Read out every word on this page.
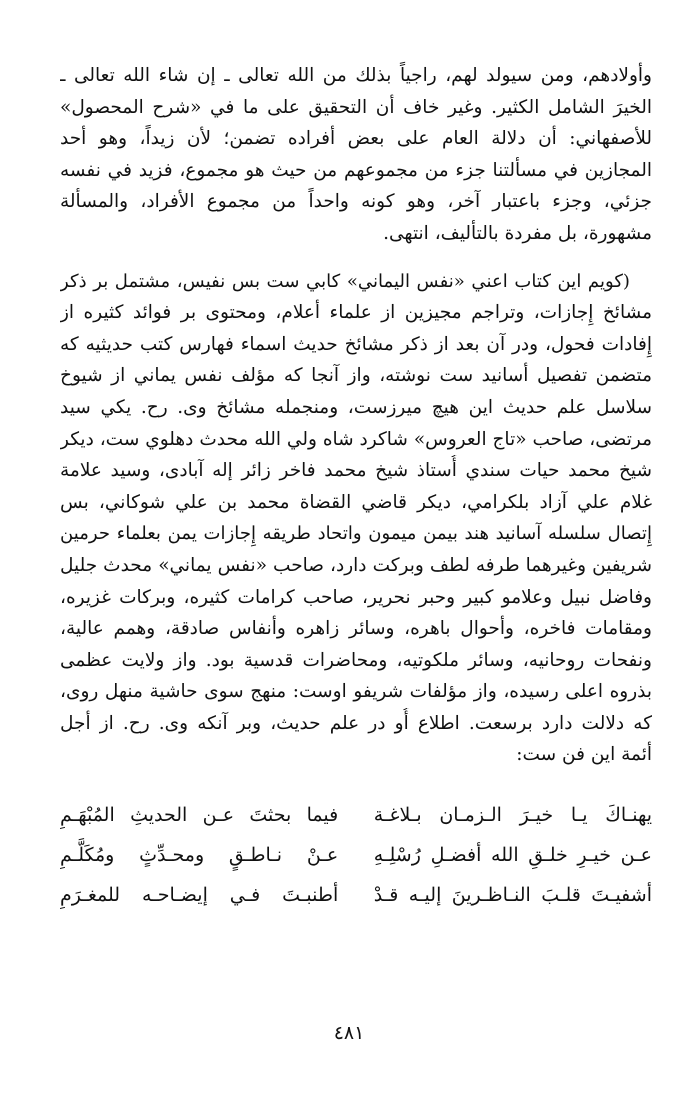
وأولادهم، ومن سيولد لهم، راجياً بذلك من الله تعالى ـ إن شاء الله تعالى ـ
الخيرَ الشامل الكثير. وغير خاف أن التحقيق على ما في «شرح المحصول»
للأصفهاني: أن دلالة العام على بعض أفراده تضمن؛ لأن زيداً، وهو أحد
المجازين في مسألتنا جزء من مجموعهم من حيث هو مجموع، فزيد في نفسه
جزئي، وجزء باعتبار آخر، وهو كونه واحداً من مجموع الأفراد، والمسألة
مشهورة، بل مفردة بالتأليف، انتهى.
(كويم اين كتاب اعني «نفس اليماني» كابي ست بس نفيس، مشتمل بر ذكر
مشائخ إِجازات، وتراجم مجيزين از علماء أعلام، ومحتوى بر فوائد كثيره از
إِفادات فحول، ودر آن بعد از ذكر مشائخ حديث اسماء فهارس كتب حديثيه كه
متضمن تفصيل أسانيد ست نوشته، واز آنجا كه مؤلف نفس يماني از شيوخ
سلاسل علم حديث اين هيچ ميرزست، ومنجمله مشائخ وى. رح. يكي سيد
مرتضى، صاحب «تاج العروس» شاكرد شاه ولي الله محدث دهلوي ست، ديكر
شيخ محمد حيات سندي أُستاذ شيخ محمد فاخر زائر إله آبادى، وسيد علامة
غلام علي آزاد بلكرامي، ديكر قاضي القضاة محمد بن علي شوكاني، بس
إِتصال سلسله آسانيد هند بيمن ميمون واتحاد طريقه إِجازات يمن بعلماء حرمين
شريفين وغيرهما طرفه لطف وبركت دارد، صاحب «نفس يماني» محدث جليل
وفاضل نبيل وعلامو كبير وحبر نحرير، صاحب كرامات كثيره، وبركات غزيره،
ومقامات فاخره، وأحوال باهره، وسائر زاهره وأنفاس صادقة، وهمم عالية،
ونفحات روحانيه، وسائر ملكوتيه، ومحاضرات قدسية بود. واز ولايت عظمى
بذروه اعلى رسيده، واز مؤلفات شريفو اوست: منهج سوى حاشية منهل روى،
كه دلالت دارد برسعت. اطلاع أُو در علم حديث، وبر آنكه وى. رح. از أجل
أئمة اين فن ست:
يهنـاكَ يـا خيـرَ الـزمـان بـلاغـة
فيما بحثتَ عـن الحديثِ المُبْهَـمِ
عـن خيـرِ خلـقِ الله أفضـلِ رُسْلِـهِ
عـنْ نـاطـقٍ ومحـدِّثٍ ومُكَلَّـمِ
أشفيـتَ قلـبَ النـاظـرينَ إليـه قـدْ
أطنبـتَ فـي إيضـاحـه للمغـرَمِ
٤٨١
